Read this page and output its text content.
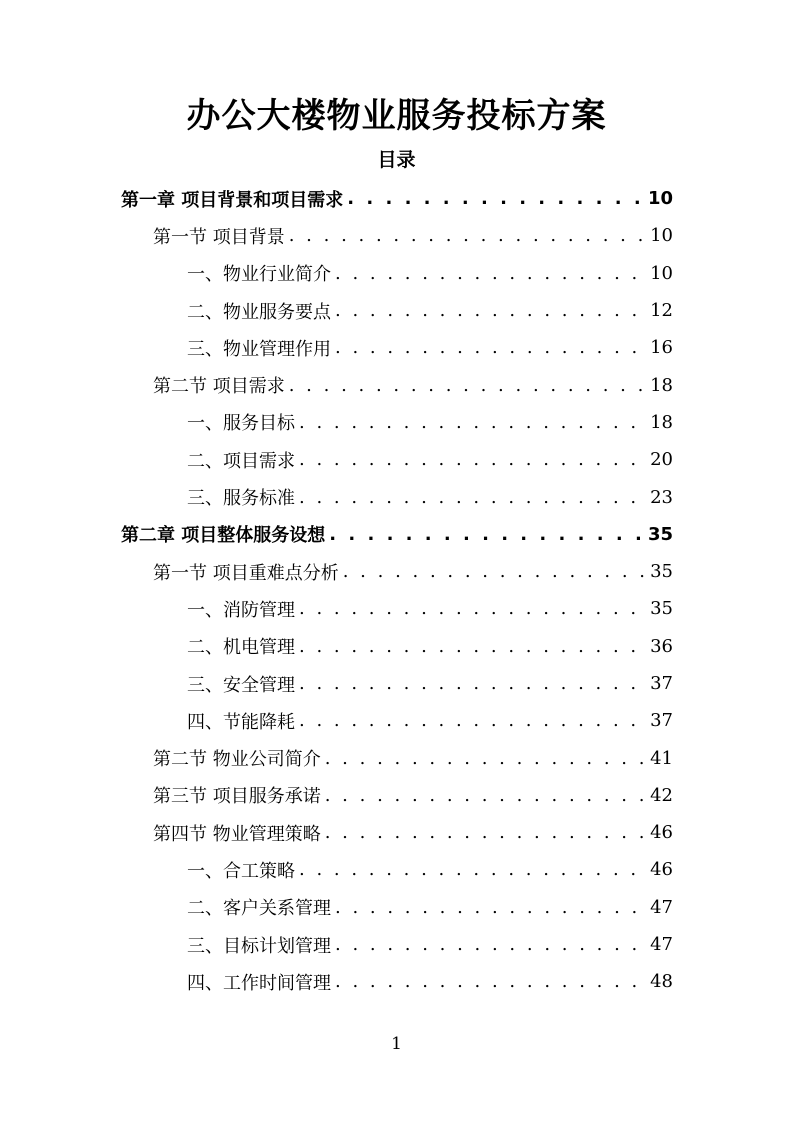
办公大楼物业服务投标方案
目录
第一章 项目背景和项目需求 . . .	10
第一节 项目背景 . . .	10
一、物业行业简介 . . .	10
二、物业服务要点 . . .	12
三、物业管理作用 . . .	16
第二节 项目需求 . . .	18
一、服务目标 . . .	18
二、项目需求 . . .	20
三、服务标准 . . .	23
第二章 项目整体服务设想 . . .	35
第一节 项目重难点分析 . . .	35
一、消防管理 . . .	35
二、机电管理 . . .	36
三、安全管理 . . .	37
四、节能降耗 . . .	37
第二节 物业公司简介 . . .	41
第三节 项目服务承诺 . . .	42
第四节 物业管理策略 . . .	46
一、合工策略 . . .	46
二、客户关系管理 . . .	47
三、目标计划管理 . . .	47
四、工作时间管理 . . .	48
1
